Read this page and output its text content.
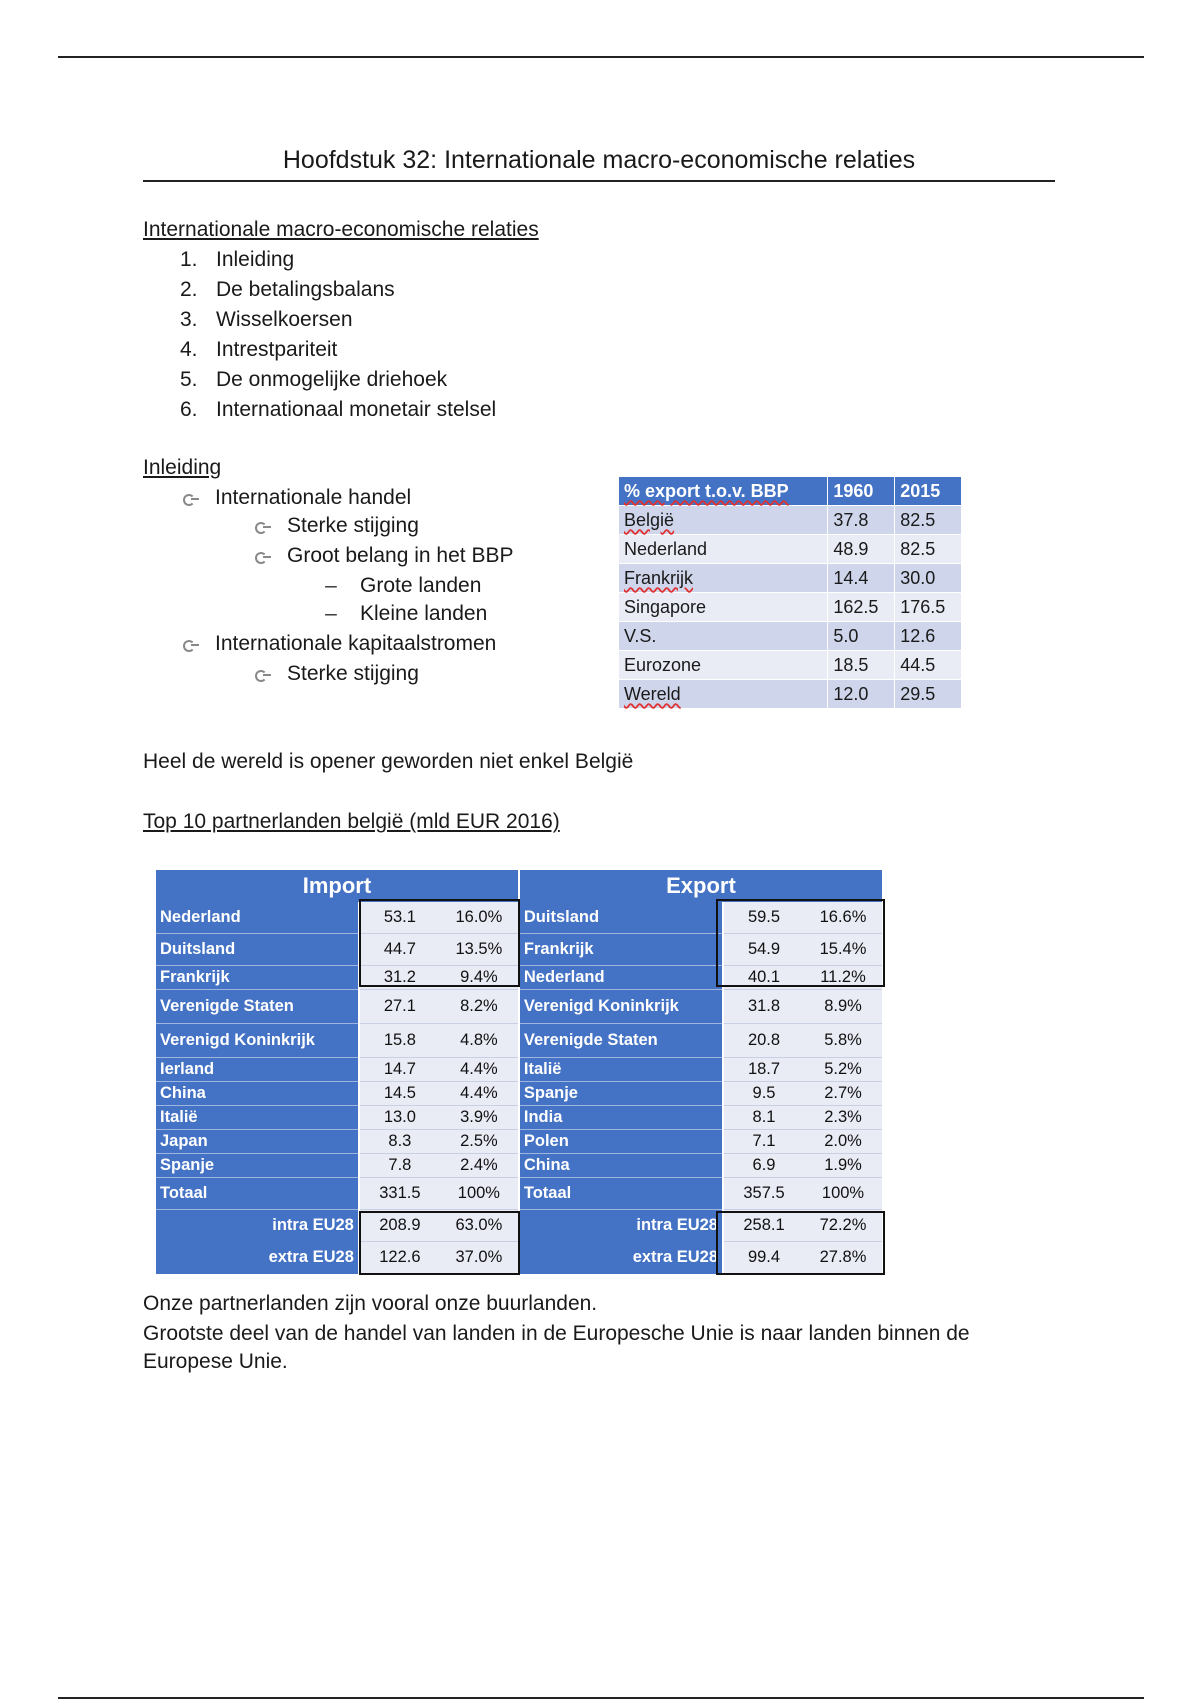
Hoofdstuk 32: Internationale macro-economische relaties
Internationale macro-economische relaties
1. Inleiding
2. De betalingsbalans
3. Wisselkoersen
4. Intrestpariteit
5. De onmogelijke driehoek
6. Internationaal monetair stelsel
Inleiding
Internationale handel
Sterke stijging
Groot belang in het BBP
– Grote landen
– Kleine landen
Internationale kapitaalstromen
Sterke stijging
% export t.o.v. BBP	1960	2015
België	37.8	82.5
Nederland	48.9	82.5
Frankrijk	14.4	30.0
Singapore	162.5	176.5
V.S.	5.0	12.6
Eurozone	18.5	44.5
Wereld	12.0	29.5
Heel de wereld is opener geworden niet enkel België
Top 10 partnerlanden belgië (mld EUR 2016)
Import			Export		
Nederland	53.1	16.0%	Duitsland	59.5	16.6%
Duitsland	44.7	13.5%	Frankrijk	54.9	15.4%
Frankrijk	31.2	9.4%	Nederland	40.1	11.2%
Verenigde Staten	27.1	8.2%	Verenigd Koninkrijk	31.8	8.9%
Verenigd Koninkrijk	15.8	4.8%	Verenigde Staten	20.8	5.8%
Ierland	14.7	4.4%	Italië	18.7	5.2%
China	14.5	4.4%	Spanje	9.5	2.7%
Italië	13.0	3.9%	India	8.1	2.3%
Japan	8.3	2.5%	Polen	7.1	2.0%
Spanje	7.8	2.4%	China	6.9	1.9%
Totaal	331.5	100%	Totaal	357.5	100%
intra EU28	208.9	63.0%	intra EU28	258.1	72.2%
extra EU28	122.6	37.0%	extra EU28	99.4	27.8%
Onze partnerlanden zijn vooral onze buurlanden.
Grootste deel van de handel van landen in de Europesche Unie is naar landen binnen de Europese Unie.
